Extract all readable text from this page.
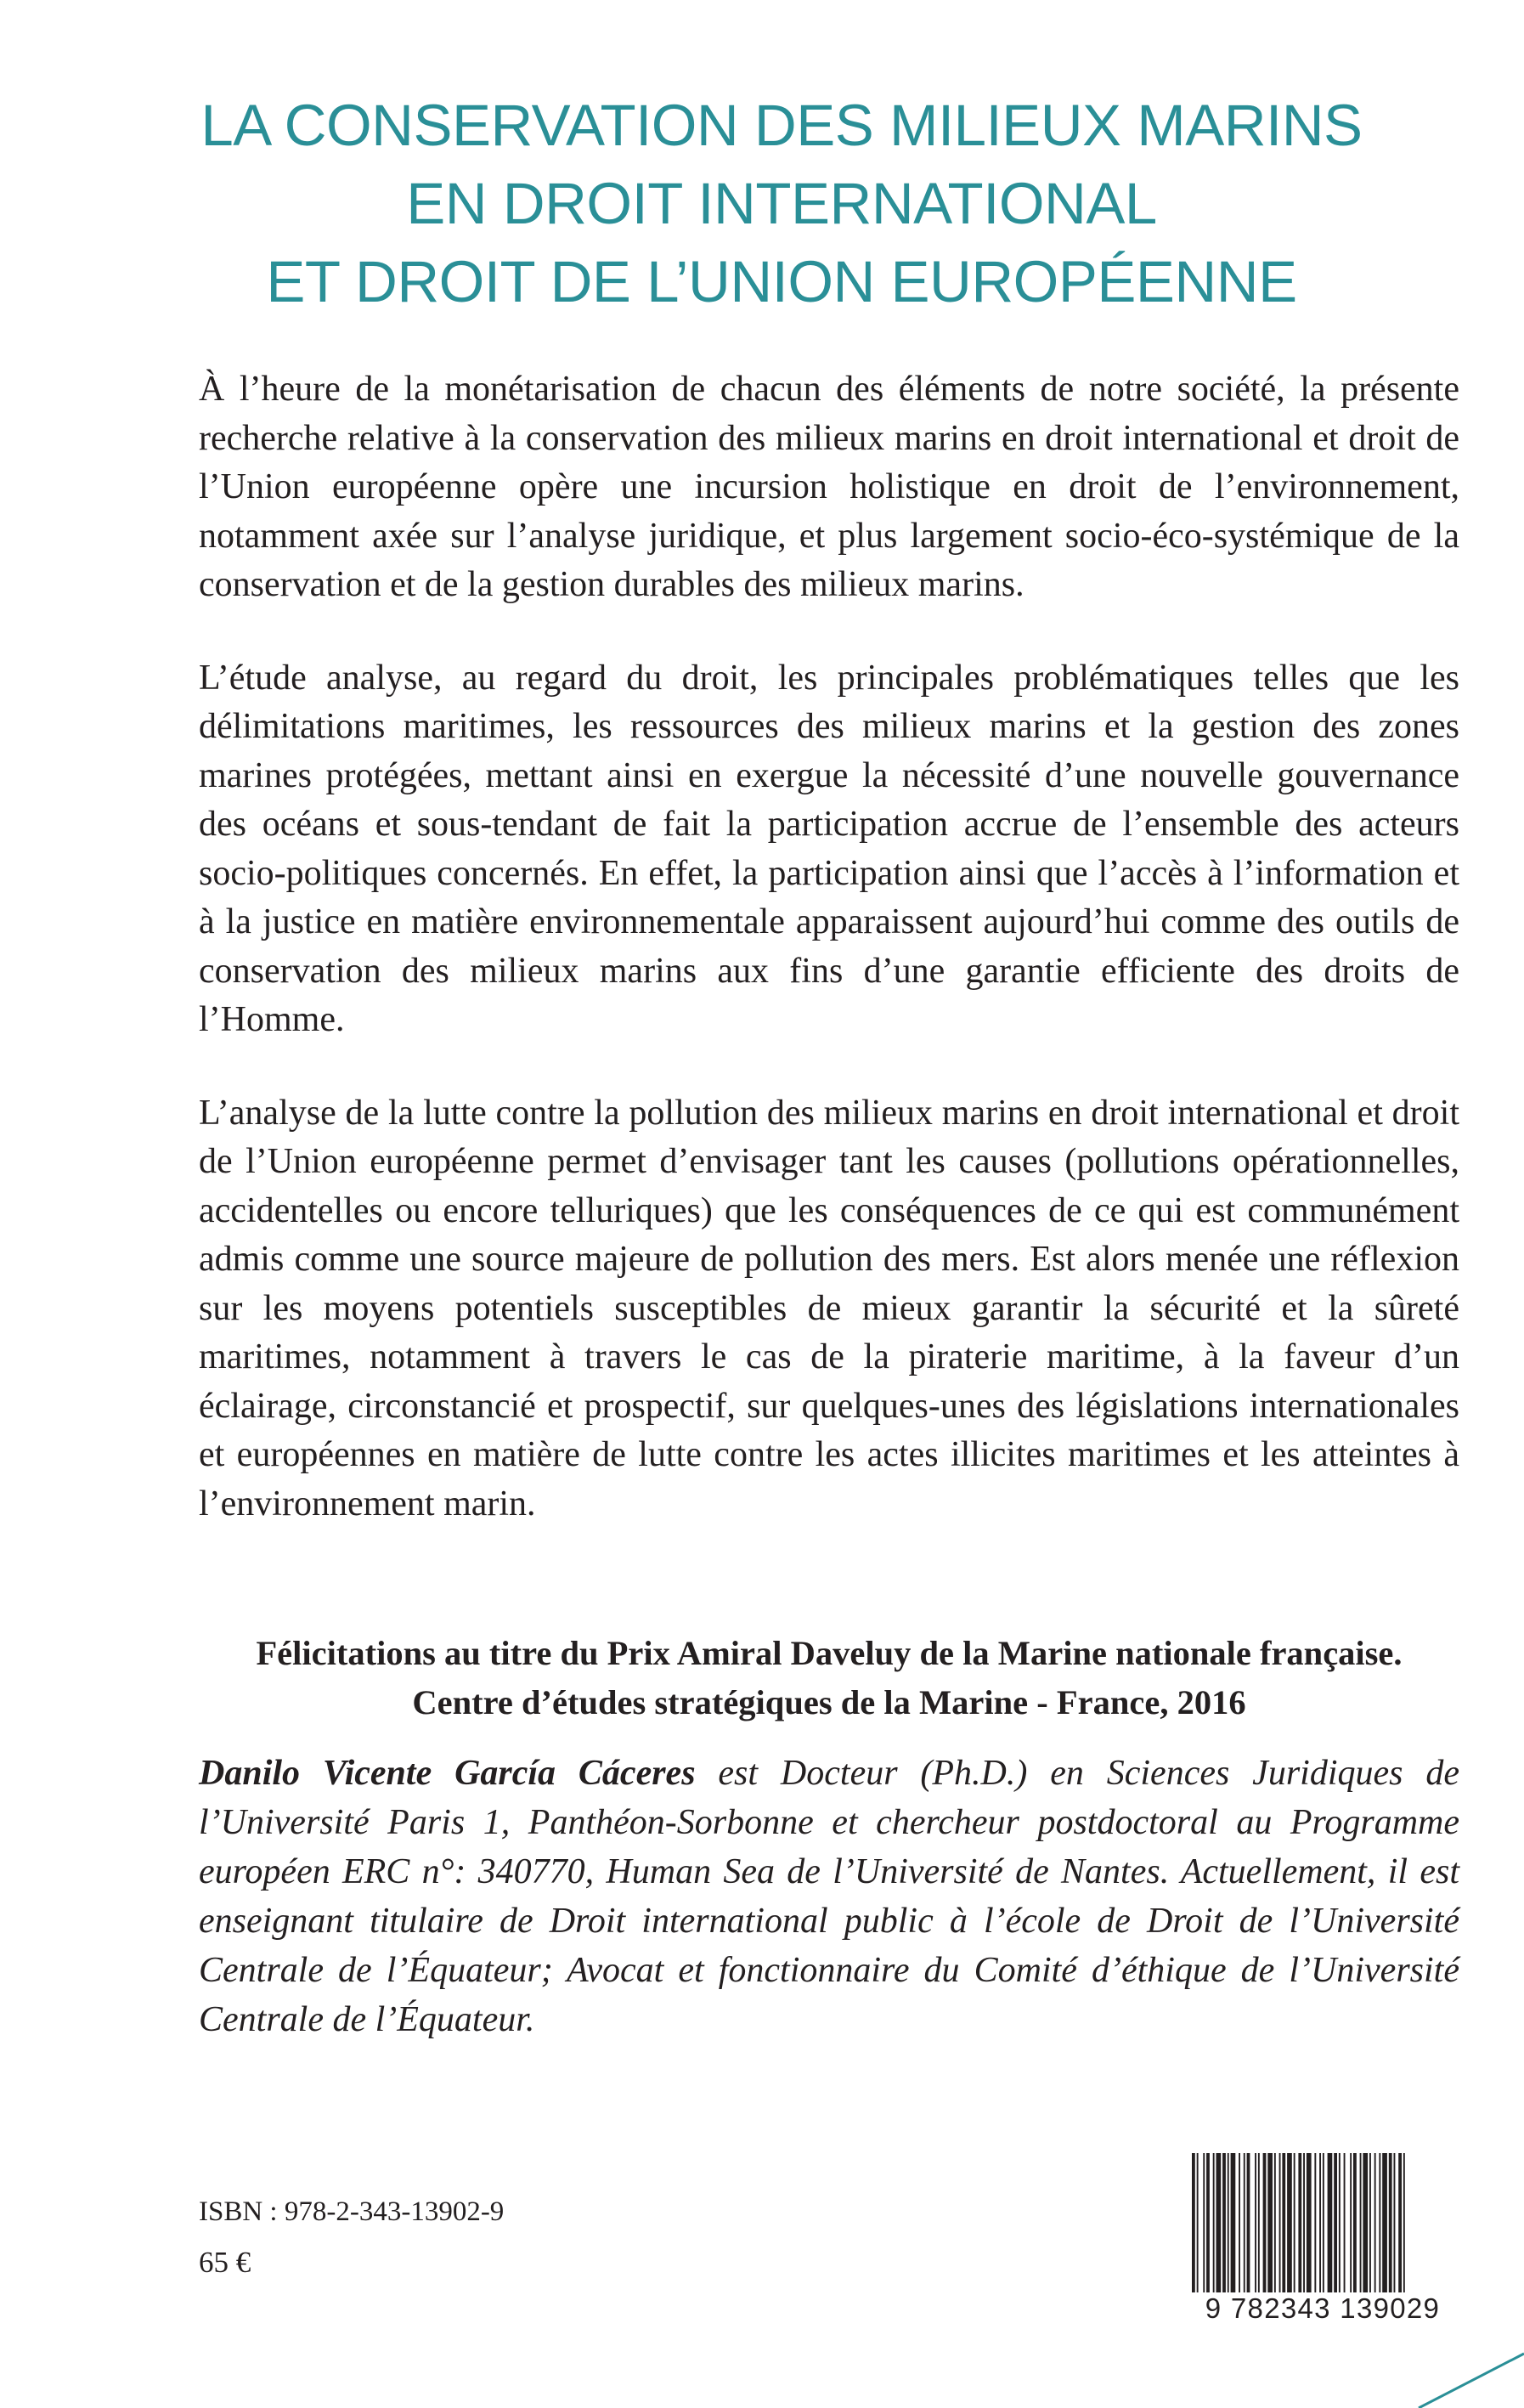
LA CONSERVATION DES MILIEUX MARINS
EN DROIT INTERNATIONAL
ET DROIT DE L’UNION EUROPÉENNE

À l’heure de la monétarisation de chacun des éléments de notre société, la présente recherche relative à la conservation des milieux marins en droit international et droit de l’Union européenne opère une incursion holistique en droit de l’environnement, notamment axée sur l’analyse juridique, et plus largement socio-éco-systémique de la conservation et de la gestion durables des milieux marins.

L’étude analyse, au regard du droit, les principales problématiques telles que les délimitations maritimes, les ressources des milieux marins et la gestion des zones marines protégées, mettant ainsi en exergue la nécessité d’une nouvelle gouvernance des océans et sous-tendant de fait la participation accrue de l’ensemble des acteurs socio-politiques concernés. En effet, la participation ainsi que l’accès à l’information et à la justice en matière environnementale apparaissent aujourd’hui comme des outils de conservation des milieux marins aux fins d’une garantie efficiente des droits de l’Homme.

L’analyse de la lutte contre la pollution des milieux marins en droit international et droit de l’Union européenne permet d’envisager tant les causes (pollutions opérationnelles, accidentelles ou encore telluriques) que les conséquences de ce qui est communément admis comme une source majeure de pollution des mers. Est alors menée une réflexion sur les moyens potentiels susceptibles de mieux garantir la sécurité et la sûreté maritimes, notamment à travers le cas de la piraterie maritime, à la faveur d’un éclairage, circonstancié et prospectif, sur quelques-unes des législations internationales et européennes en matière de lutte contre les actes illicites maritimes et les atteintes à l’environnement marin.

Félicitations au titre du Prix Amiral Daveluy de la Marine nationale française.
Centre d’études stratégiques de la Marine - France, 2016

Danilo Vicente García Cáceres est Docteur (Ph.D.) en Sciences Juridiques de l’Université Paris 1, Panthéon-Sorbonne et chercheur postdoctoral au Programme européen ERC n°: 340770, Human Sea de l’Université de Nantes. Actuellement, il est enseignant titulaire de Droit international public à l’école de Droit de l’Université Centrale de l’Équateur; Avocat et fonctionnaire du Comité d’éthique de l’Université Centrale de l’Équateur.

ISBN : 978-2-343-13902-9
65 €
9 782343 139029
